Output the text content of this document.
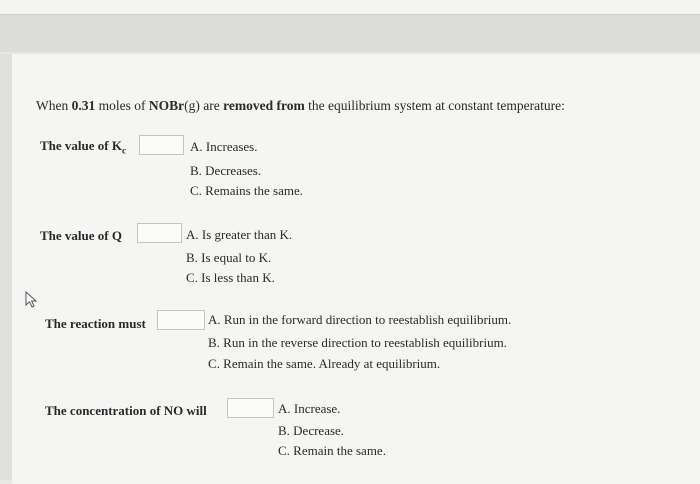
When 0.31 moles of NOBr(g) are removed from the equilibrium system at constant temperature:
The value of $K_c$	A. Increases.
B. Decreases.
C. Remains the same.
The value of Q	A. Is greater than K.
B. Is equal to K.
C. Is less than K.
The reaction must	A. Run in the forward direction to reestablish equilibrium.
B. Run in the reverse direction to reestablish equilibrium.
C. Remain the same. Already at equilibrium.
The concentration of NO will	A. Increase.
B. Decrease.
C. Remain the same.
